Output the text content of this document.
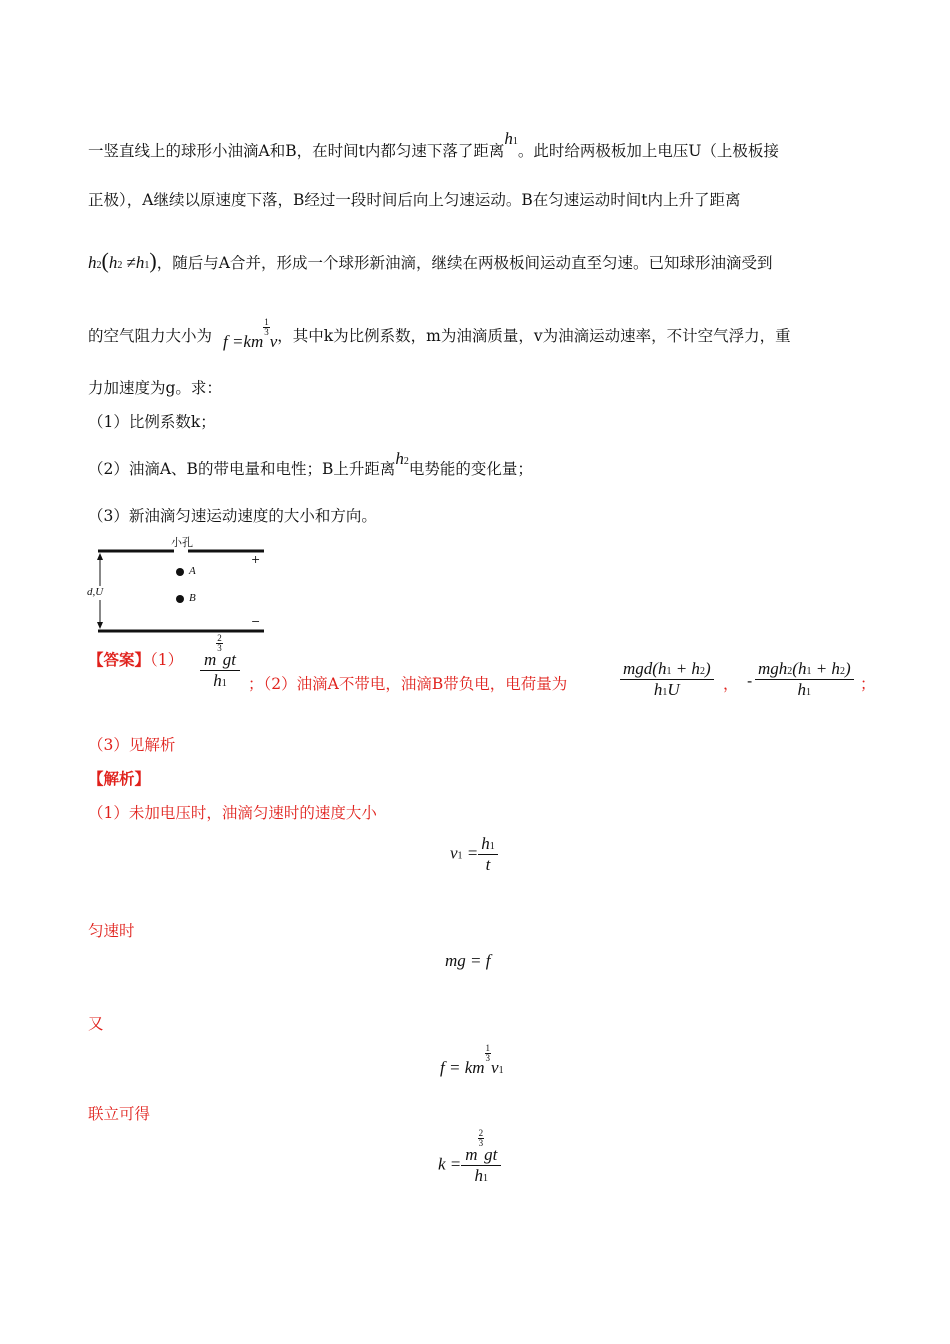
一竖直线上的球形小油滴A和B，在时间t内都匀速下落了距离h1。此时给两极板加上电压U（上极板接
正极），A继续以原速度下落，B经过一段时间后向上匀速运动。B在匀速运动时间t内上升了距离
h2(h2 ≠h1)，随后与A合并，形成一个球形新油滴，继续在两极板间运动直至匀速。已知球形油滴受到
的空气阻力大小为 f =km
$\frac{1}{3}$
v，其中k为比例系数，m为油滴质量，v为油滴运动速率，不计空气浮力，重
力加速度为g。求：
（1）比例系数k；
（2）油滴A、B的带电量和电性；B上升距离h2电势能的变化量；
（3）新油滴匀速运动速度的大小和方向。
小孔
+
−
d,U
A
B
【答案】（1） m
$\frac{2}{3}$
gt
h1 ；（2）油滴A不带电，油滴B带负电，电荷量为	$\frac{\text{mgd(h1 + h2)}}{h1U}$ ， - $\frac{\text{mgh2(h1 + h2)}}{h1}$ ；
（3）见解析
【解析】
（1）未加电压时，油滴匀速时的速度大小
$v1 = \frac{h1}{t}$
匀速时
mg = f
又
f = km
$\frac{1}{3}$
v1
联立可得
k = m
$\frac{2}{3}$
gt
h1
